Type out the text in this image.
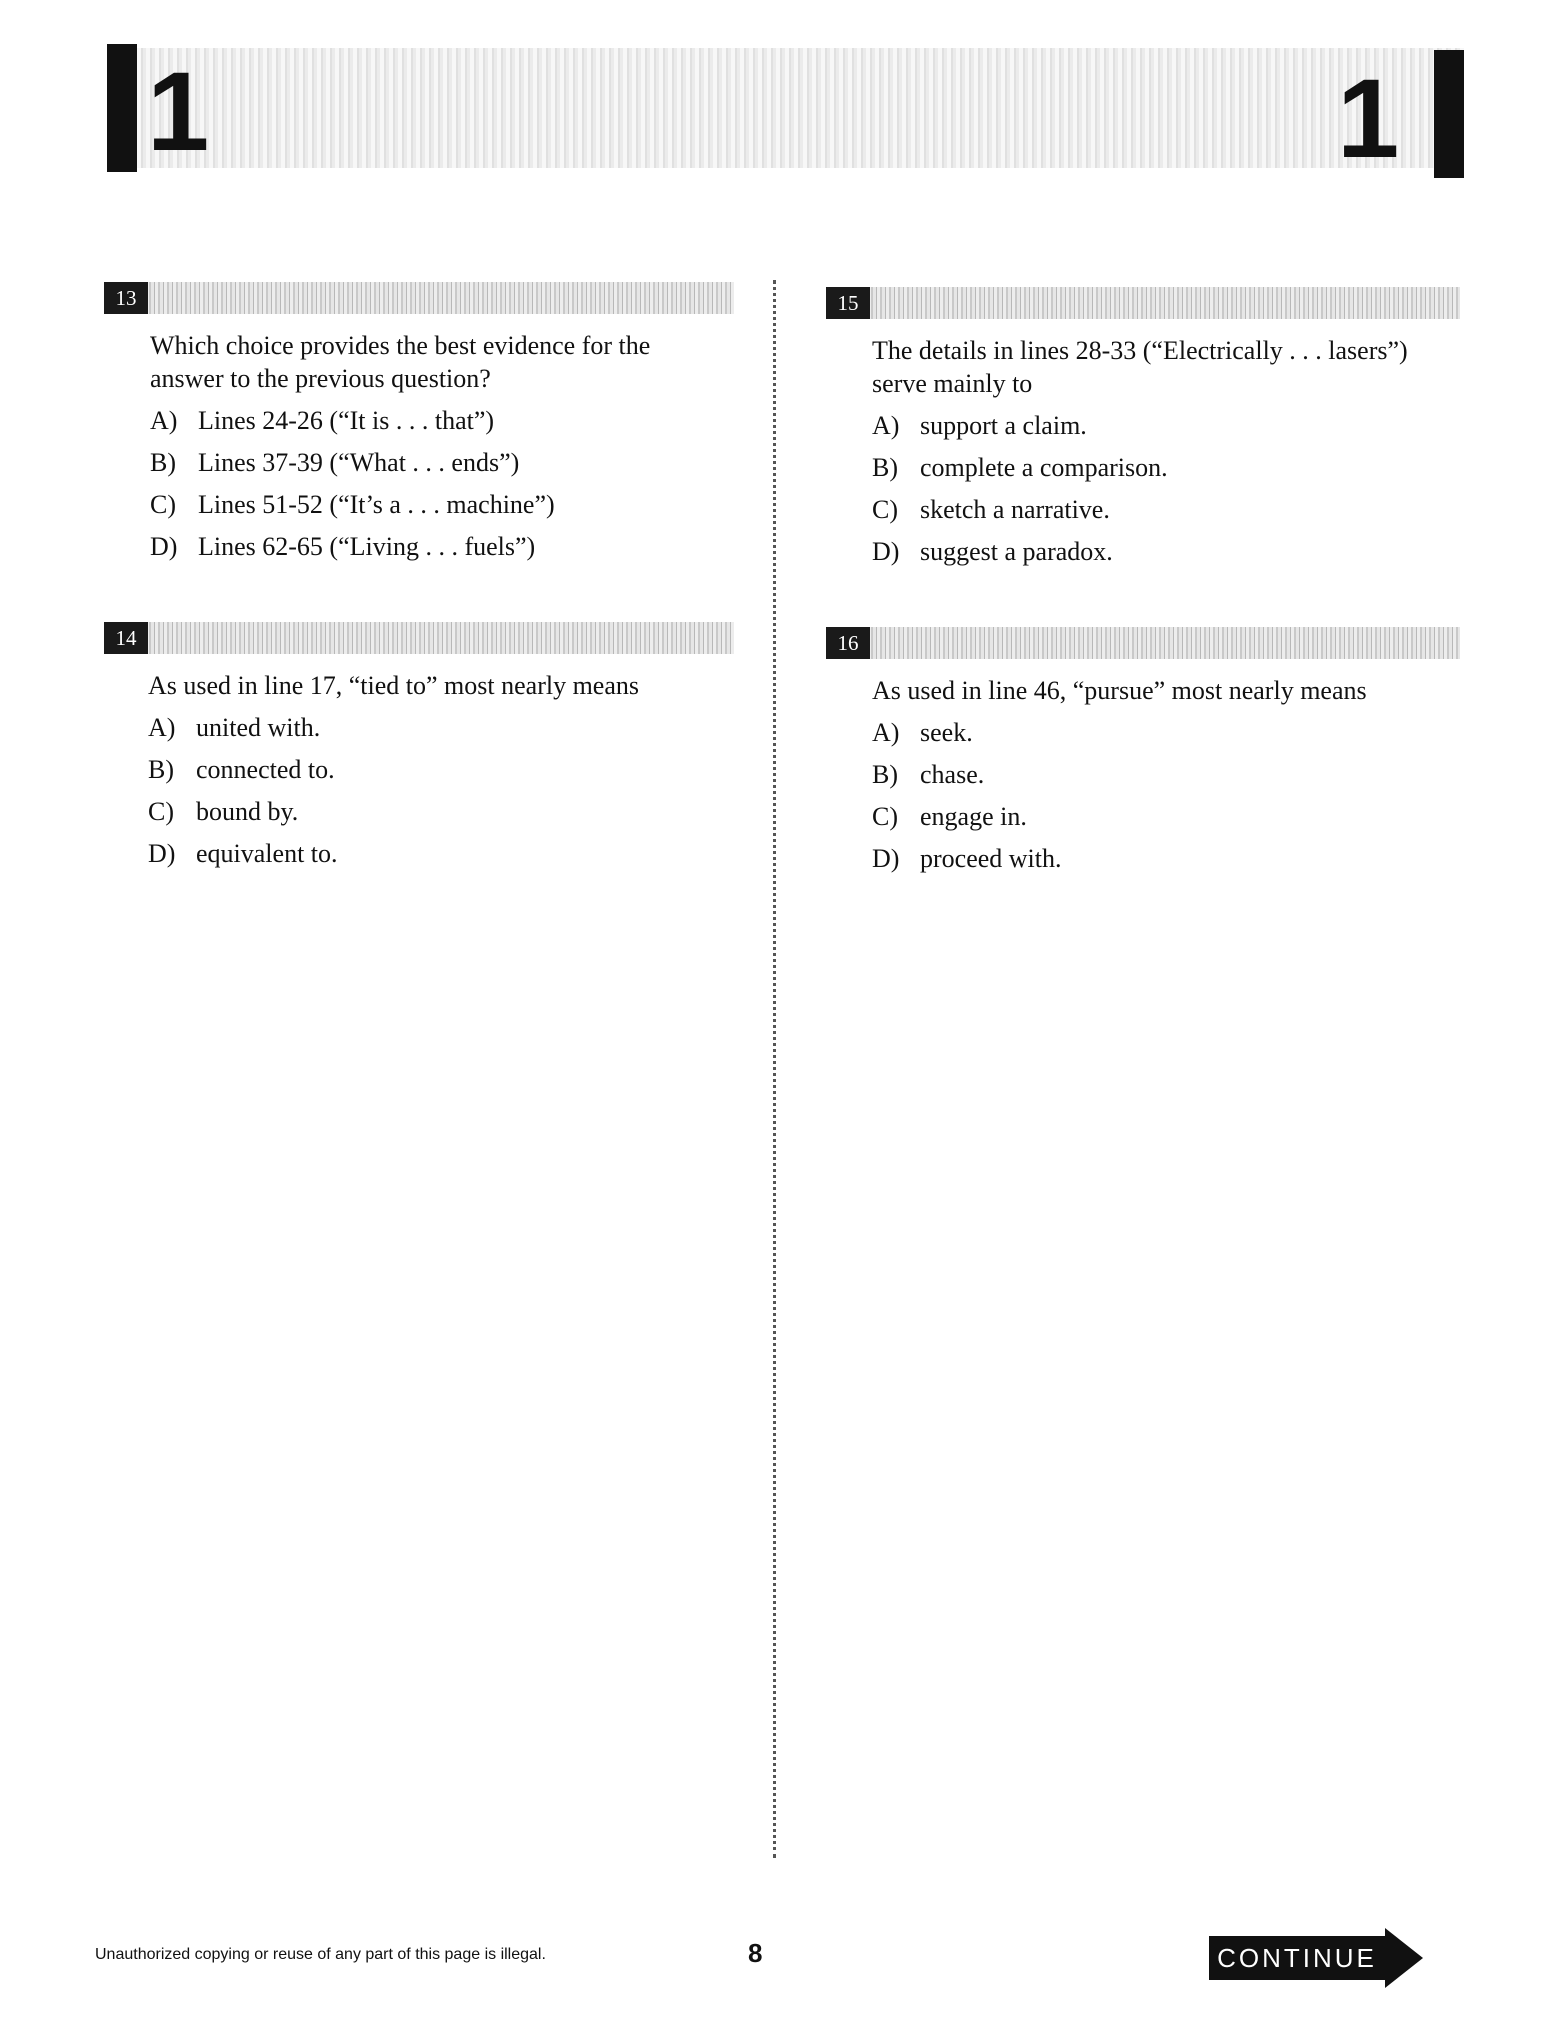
1	1
13

Which choice provides the best evidence for the answer to the previous question?

A) Lines 24-26 (“It is . . . that”)
B) Lines 37-39 (“What . . . ends”)
C) Lines 51-52 (“It’s a . . . machine”)
D) Lines 62-65 (“Living . . . fuels”)
14

As used in line 17, “tied to” most nearly means

A) united with.
B) connected to.
C) bound by.
D) equivalent to.
15

The details in lines 28-33 (“Electrically . . . lasers”) serve mainly to

A) support a claim.
B) complete a comparison.
C) sketch a narrative.
D) suggest a paradox.
16

As used in line 46, “pursue” most nearly means

A) seek.
B) chase.
C) engage in.
D) proceed with.
Unauthorized copying or reuse of any part of this page is illegal.	8	CONTINUE
